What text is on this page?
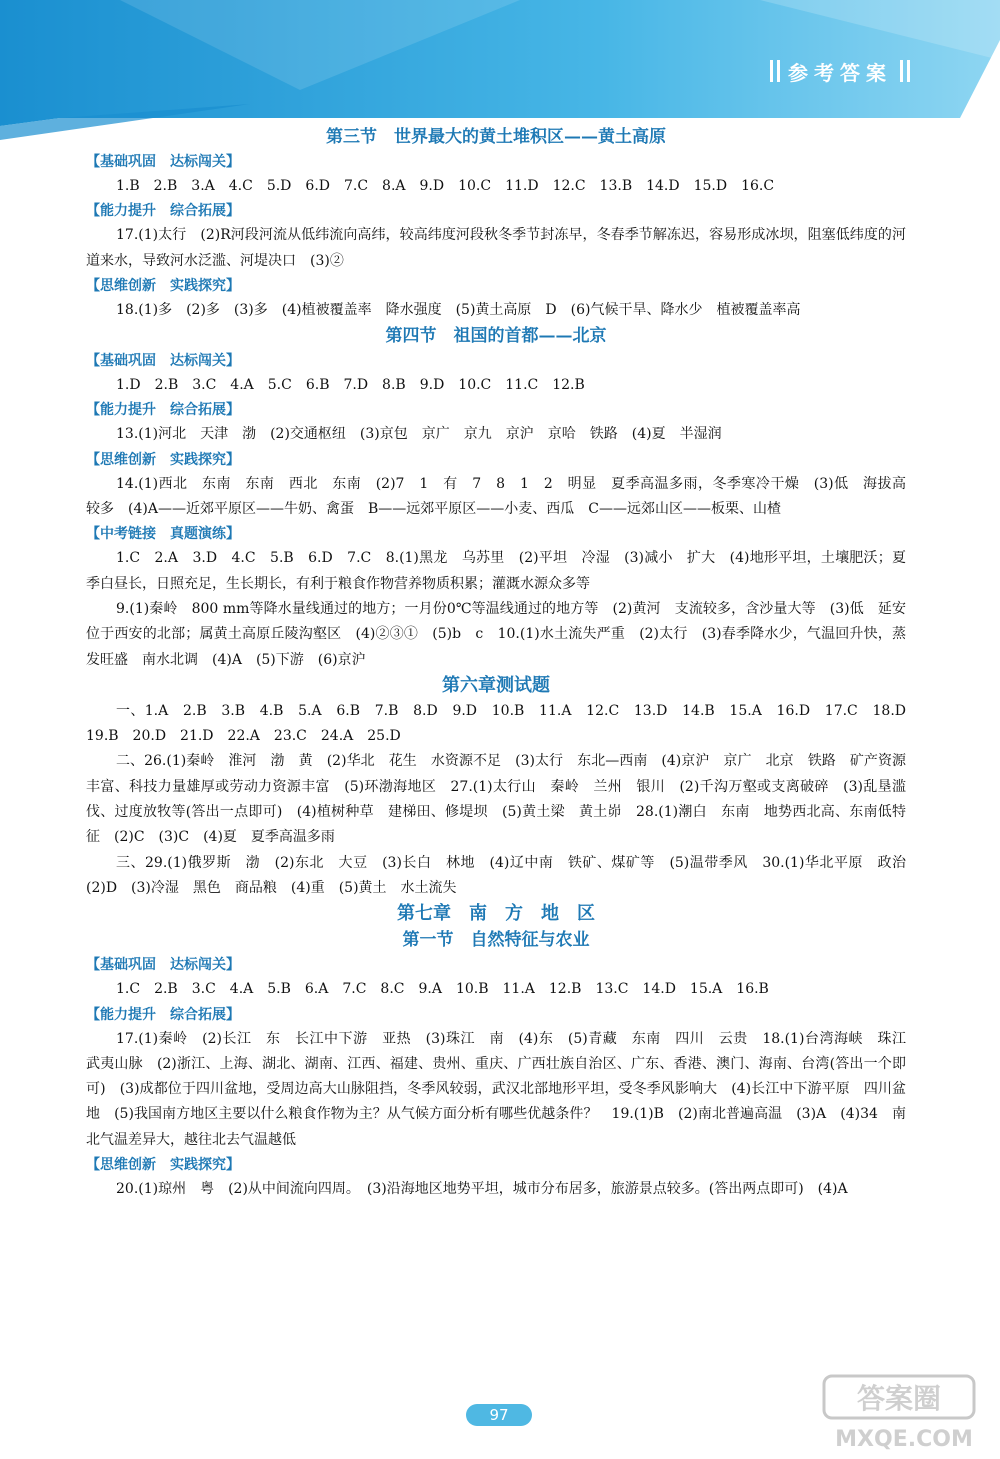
参考答案
第三节　世界最大的黄土堆积区——黄土高原
【基础巩固　达标闯关】
1.B　2.B　3.A　4.C　5.D　6.D　7.C　8.A　9.D　10.C　11.D　12.C　13.B　14.D　15.D　16.C
【能力提升　综合拓展】
17.(1)太行　(2)R河段河流从低纬流向高纬，较高纬度河段秋冬季节封冻早，冬春季节解冻迟，容易形成冰坝，阻塞低纬度的河道来水，导致河水泛滥、河堤决口　(3)②
【思维创新　实践探究】
18.(1)多　(2)多　(3)多　(4)植被覆盖率　降水强度　(5)黄土高原　D　(6)气候干旱、降水少　植被覆盖率高
第四节　祖国的首都——北京
【基础巩固　达标闯关】
1.D　2.B　3.C　4.A　5.C　6.B　7.D　8.B　9.D　10.C　11.C　12.B
【能力提升　综合拓展】
13.(1)河北　天津　渤　(2)交通枢纽　(3)京包　京广　京九　京沪　京哈　铁路　(4)夏　半湿润
【思维创新　实践探究】
14.(1)西北　东南　东南　西北　东南　(2)7　1　有　7　8　1　2　明显　夏季高温多雨，冬季寒冷干燥　(3)低　海拔高　较多　(4)A——近郊平原区——牛奶、禽蛋　B——远郊平原区——小麦、西瓜　C——远郊山区——板栗、山楂
【中考链接　真题演练】
1.C　2.A　3.D　4.C　5.B　6.D　7.C　8.(1)黑龙　乌苏里　(2)平坦　冷湿　(3)减小　扩大　(4)地形平坦，土壤肥沃；夏季白昼长，日照充足，生长期长，有利于粮食作物营养物质积累；灌溉水源众多等
9.(1)秦岭　800 mm等降水量线通过的地方；一月份0℃等温线通过的地方等　(2)黄河　支流较多，含沙量大等　(3)低　延安位于西安的北部；属黄土高原丘陵沟壑区　(4)②③①　(5)b　c　10.(1)水土流失严重　(2)太行　(3)春季降水少，气温回升快，蒸发旺盛　南水北调　(4)A　(5)下游　(6)京沪
第六章测试题
一、1.A　2.B　3.B　4.B　5.A　6.B　7.B　8.D　9.D　10.B　11.A　12.C　13.D　14.B　15.A　16.D　17.C　18.D　19.B　20.D　21.D　22.A　23.C　24.A　25.D
二、26.(1)秦岭　淮河　渤　黄　(2)华北　花生　水资源不足　(3)太行　东北—西南　(4)京沪　京广　北京　铁路　矿产资源丰富、科技力量雄厚或劳动力资源丰富　(5)环渤海地区　27.(1)太行山　秦岭　兰州　银川　(2)千沟万壑或支离破碎　(3)乱垦滥伐、过度放牧等(答出一点即可)　(4)植树种草　建梯田、修堤坝　(5)黄土梁　黄土峁　28.(1)潮白　东南　地势西北高、东南低特征　(2)C　(3)C　(4)夏　夏季高温多雨
三、29.(1)俄罗斯　渤　(2)东北　大豆　(3)长白　林地　(4)辽中南　铁矿、煤矿等　(5)温带季风　30.(1)华北平原　政治　(2)D　(3)冷湿　黑色　商品粮　(4)重　(5)黄土　水土流失
第七章　南　方　地　区
第一节　自然特征与农业
【基础巩固　达标闯关】
1.C　2.B　3.C　4.A　5.B　6.A　7.C　8.C　9.A　10.B　11.A　12.B　13.C　14.D　15.A　16.B
【能力提升　综合拓展】
17.(1)秦岭　(2)长江　东　长江中下游　亚热　(3)珠江　南　(4)东　(5)青藏　东南　四川　云贵　18.(1)台湾海峡　珠江　武夷山脉　(2)浙江、上海、湖北、湖南、江西、福建、贵州、重庆、广西壮族自治区、广东、香港、澳门、海南、台湾(答出一个即可)　(3)成都位于四川盆地，受周边高大山脉阻挡，冬季风较弱，武汉北部地形平坦，受冬季风影响大　(4)长江中下游平原　四川盆地　(5)我国南方地区主要以什么粮食作物为主？从气候方面分析有哪些优越条件？　19.(1)B　(2)南北普遍高温　(3)A　(4)34　南北气温差异大，越往北去气温越低
【思维创新　实践探究】
20.(1)琼州　粤　(2)从中间流向四周。　(3)沿海地区地势平坦，城市分布居多，旅游景点较多。(答出两点即可)　(4)A
97	答案圈
MXQE.COM
